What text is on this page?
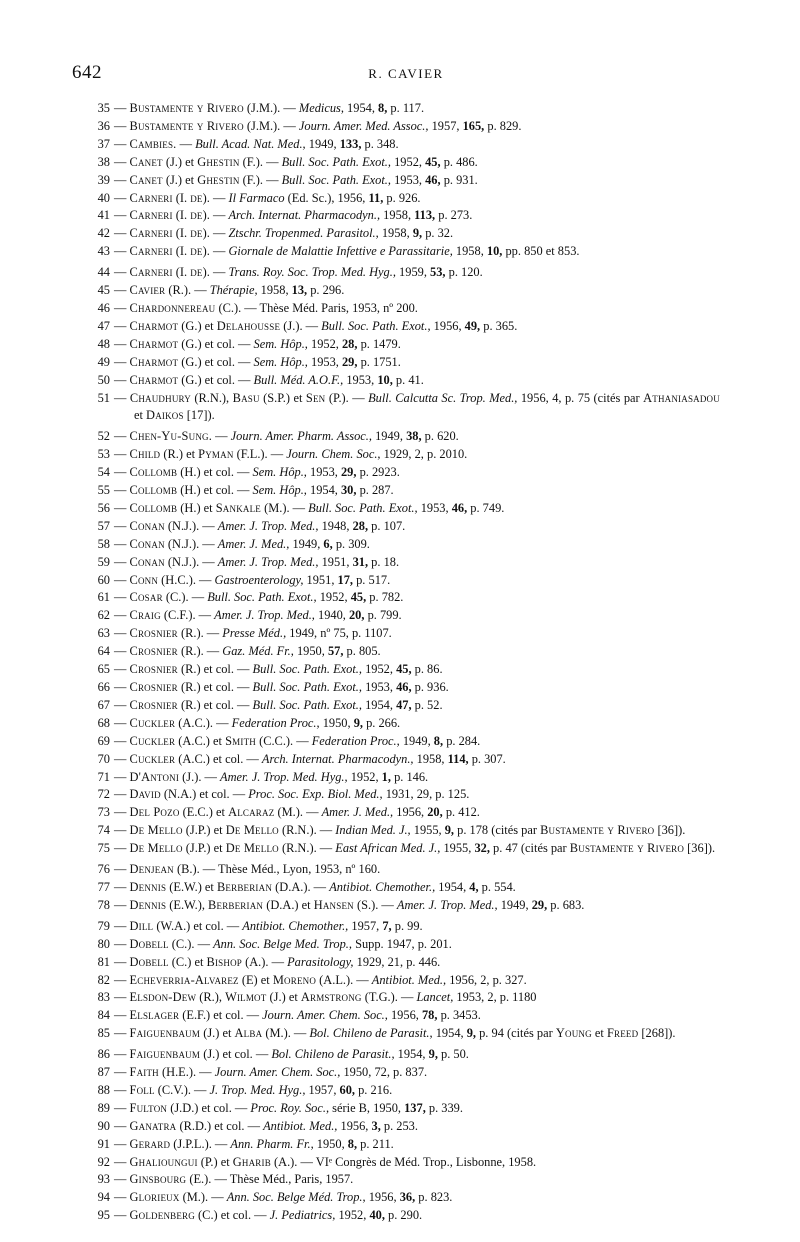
642	R. CAVIER
35 — Bustamente y Rivero (J.M.). — Medicus, 1954, 8, p. 117.
36 — Bustamente y Rivero (J.M.). — Journ. Amer. Med. Assoc., 1957, 165, p. 829.
37 — Cambies. — Bull. Acad. Nat. Med., 1949, 133, p. 348.
38 — Canet (J.) et Ghestin (F.). — Bull. Soc. Path. Exot., 1952, 45, p. 486.
39 — Canet (J.) et Ghestin (F.). — Bull. Soc. Path. Exot., 1953, 46, p. 931.
40 — Carneri (I. de). — Il Farmaco (Ed. Sc.), 1956, 11, p. 926.
41 — Carneri (I. de). — Arch. Internat. Pharmacodyn., 1958, 113, p. 273.
42 — Carneri (I. de). — Ztschr. Tropenmed. Parasitol., 1958, 9, p. 32.
43 — Carneri (I. de). — Giornale de Malattie Infettive e Parassitarie, 1958, 10, pp. 850 et 853.
44 — Carneri (I. de). — Trans. Roy. Soc. Trop. Med. Hyg., 1959, 53, p. 120.
45 — Cavier (R.). — Thérapie, 1958, 13, p. 296.
46 — Chardonnereau (C.). — Thèse Méd. Paris, 1953, nº 200.
47 — Charmot (G.) et Delahousse (J.). — Bull. Soc. Path. Exot., 1956, 49, p. 365.
48 — Charmot (G.) et col. — Sem. Hôp., 1952, 28, p. 1479.
49 — Charmot (G.) et col. — Sem. Hôp., 1953, 29, p. 1751.
50 — Charmot (G.) et col. — Bull. Méd. A.O.F., 1953, 10, p. 41.
51 — Chaudhury (R.N.), Basu (S.P.) et Sen (P.). — Bull. Calcutta Sc. Trop. Med., 1956, 4, p. 75 (cités par Athaniasadou et Daikos [17]).
52 — Chen-Yu-Sung. — Journ. Amer. Pharm. Assoc., 1949, 38, p. 620.
53 — Child (R.) et Pyman (F.L.). — Journ. Chem. Soc., 1929, 2, p. 2010.
54 — Collomb (H.) et col. — Sem. Hôp., 1953, 29, p. 2923.
55 — Collomb (H.) et col. — Sem. Hôp., 1954, 30, p. 287.
56 — Collomb (H.) et Sankale (M.). — Bull. Soc. Path. Exot., 1953, 46, p. 749.
57 — Conan (N.J.). — Amer. J. Trop. Med., 1948, 28, p. 107.
58 — Conan (N.J.). — Amer. J. Med., 1949, 6, p. 309.
59 — Conan (N.J.). — Amer. J. Trop. Med., 1951, 31, p. 18.
60 — Conn (H.C.). — Gastroenterology, 1951, 17, p. 517.
61 — Cosar (C.). — Bull. Soc. Path. Exot., 1952, 45, p. 782.
62 — Craig (C.F.). — Amer. J. Trop. Med., 1940, 20, p. 799.
63 — Crosnier (R.). — Presse Méd., 1949, nº 75, p. 1107.
64 — Crosnier (R.). — Gaz. Méd. Fr., 1950, 57, p. 805.
65 — Crosnier (R.) et col. — Bull. Soc. Path. Exot., 1952, 45, p. 86.
66 — Crosnier (R.) et col. — Bull. Soc. Path. Exot., 1953, 46, p. 936.
67 — Crosnier (R.) et col. — Bull. Soc. Path. Exot., 1954, 47, p. 52.
68 — Cuckler (A.C.). — Federation Proc., 1950, 9, p. 266.
69 — Cuckler (A.C.) et Smith (C.C.). — Federation Proc., 1949, 8, p. 284.
70 — Cuckler (A.C.) et col. — Arch. Internat. Pharmacodyn., 1958, 114, p. 307.
71 — D'Antoni (J.). — Amer. J. Trop. Med. Hyg., 1952, 1, p. 146.
72 — David (N.A.) et col. — Proc. Soc. Exp. Biol. Med., 1931, 29, p. 125.
73 — Del Pozo (E.C.) et Alcaraz (M.). — Amer. J. Med., 1956, 20, p. 412.
74 — De Mello (J.P.) et De Mello (R.N.). — Indian Med. J., 1955, 9, p. 178 (cités par Bustamente y Rivero [36]).
75 — De Mello (J.P.) et De Mello (R.N.). — East African Med. J., 1955, 32, p. 47 (cités par Bustamente y Rivero [36]).
76 — Denjean (B.). — Thèse Méd., Lyon, 1953, nº 160.
77 — Dennis (E.W.) et Berberian (D.A.). — Antibiot. Chemother., 1954, 4, p. 554.
78 — Dennis (E.W.), Berberian (D.A.) et Hansen (S.). — Amer. J. Trop. Med., 1949, 29, p. 683.
79 — Dill (W.A.) et col. — Antibiot. Chemother., 1957, 7, p. 99.
80 — Dobell (C.). — Ann. Soc. Belge Med. Trop., Supp. 1947, p. 201.
81 — Dobell (C.) et Bishop (A.). — Parasitology, 1929, 21, p. 446.
82 — Echeverria-Alvarez (E) et Moreno (A.L.). — Antibiot. Med., 1956, 2, p. 327.
83 — Elsdon-Dew (R.), Wilmot (J.) et Armstrong (T.G.). — Lancet, 1953, 2, p. 1180
84 — Elslager (E.F.) et col. — Journ. Amer. Chem. Soc., 1956, 78, p. 3453.
85 — Faiguenbaum (J.) et Alba (M.). — Bol. Chileno de Parasit., 1954, 9, p. 94 (cités par Young et Freed [268]).
86 — Faiguenbaum (J.) et col. — Bol. Chileno de Parasit., 1954, 9, p. 50.
87 — Faith (H.E.). — Journ. Amer. Chem. Soc., 1950, 72, p. 837.
88 — Foll (C.V.). — J. Trop. Med. Hyg., 1957, 60, p. 216.
89 — Fulton (J.D.) et col. — Proc. Roy. Soc., série B, 1950, 137, p. 339.
90 — Ganatra (R.D.) et col. — Antibiot. Med., 1956, 3, p. 253.
91 — Gerard (J.P.L.). — Ann. Pharm. Fr., 1950, 8, p. 211.
92 — Ghalioungui (P.) et Gharib (A.). — VIᵉ Congrès de Méd. Trop., Lisbonne, 1958.
93 — Ginsbourg (E.). — Thèse Méd., Paris, 1957.
94 — Glorieux (M.). — Ann. Soc. Belge Méd. Trop., 1956, 36, p. 823.
95 — Goldenberg (C.) et col. — J. Pediatrics, 1952, 40, p. 290.
